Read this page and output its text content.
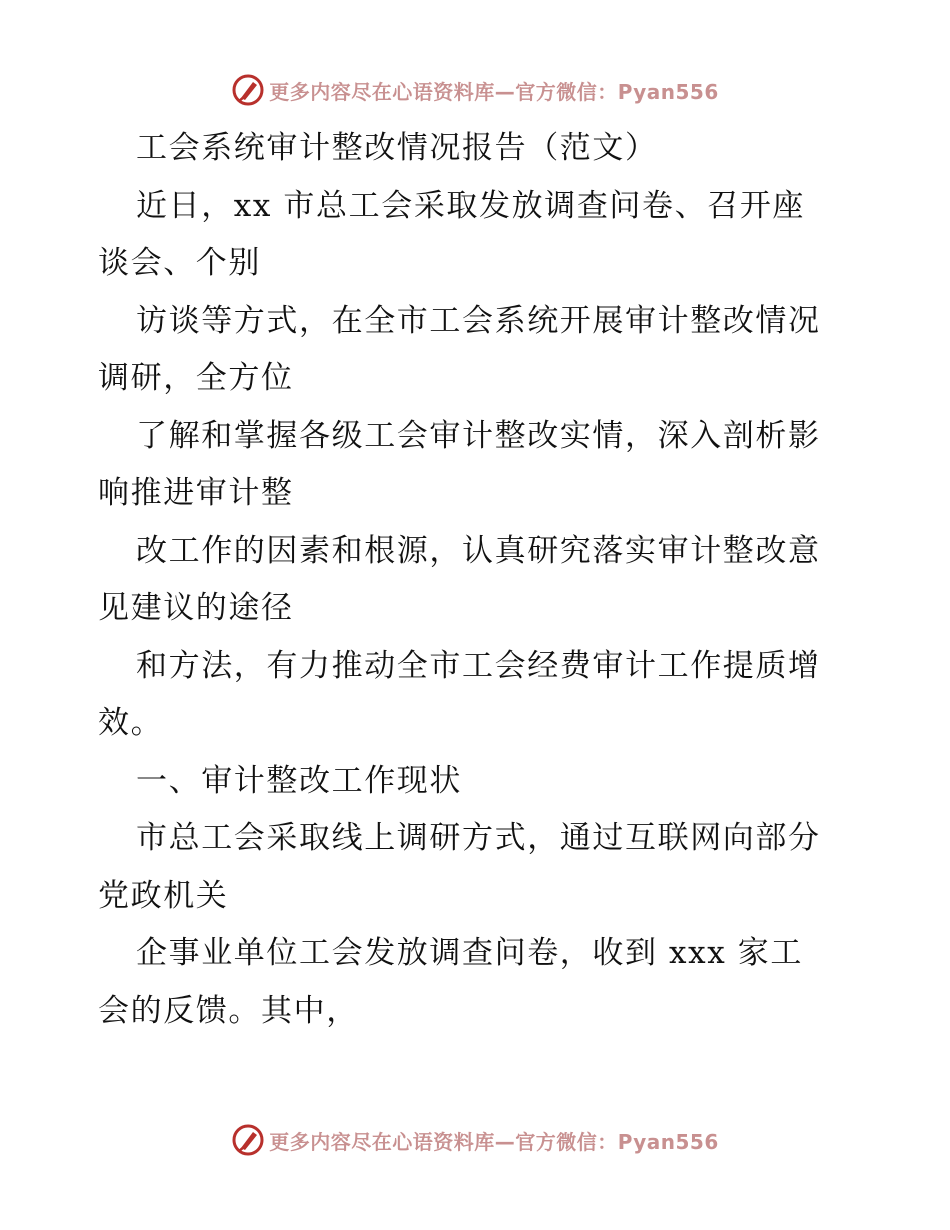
更多内容尽在心语资料库—官方微信：Pyan556
工会系统审计整改情况报告（范文）
近日，xx 市总工会采取发放调查问卷、召开座
谈会、个别
访谈等方式，在全市工会系统开展审计整改情况
调研，全方位
了解和掌握各级工会审计整改实情，深入剖析影
响推进审计整
改工作的因素和根源，认真研究落实审计整改意
见建议的途径
和方法，有力推动全市工会经费审计工作提质增
效。
一、审计整改工作现状
市总工会采取线上调研方式，通过互联网向部分
党政机关
企事业单位工会发放调查问卷，收到 xxx 家工
会的反馈。其中，
更多内容尽在心语资料库—官方微信：Pyan556
